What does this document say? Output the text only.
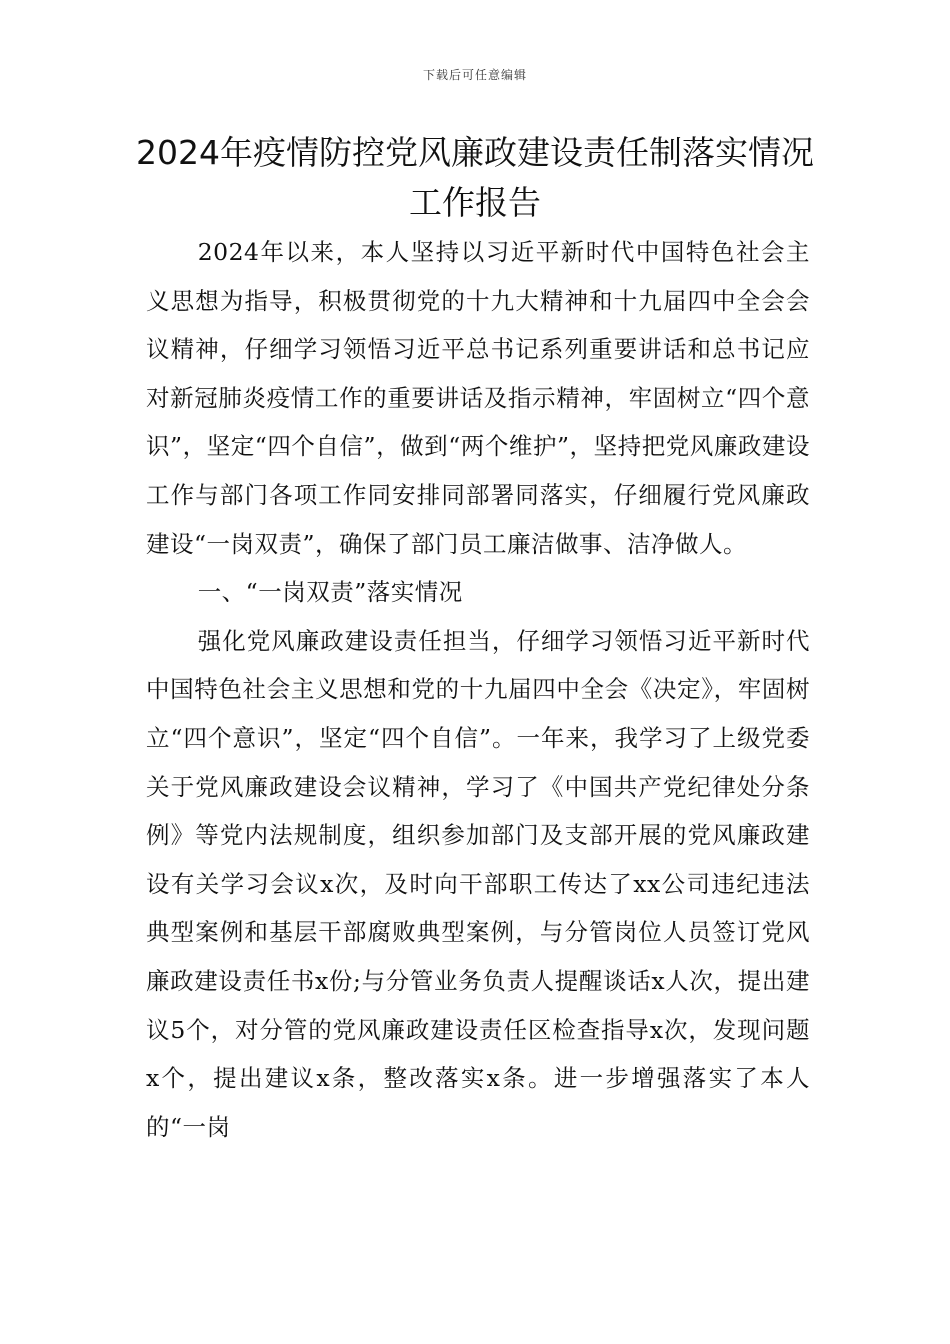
下载后可任意编辑
2024年疫情防控党风廉政建设责任制落实情况工作报告

2024年以来，本人坚持以习近平新时代中国特色社会主义思想为指导，积极贯彻党的十九大精神和十九届四中全会会议精神，仔细学习领悟习近平总书记系列重要讲话和总书记应对新冠肺炎疫情工作的重要讲话及指示精神，牢固树立“四个意识”，坚定“四个自信”，做到“两个维护”，坚持把党风廉政建设工作与部门各项工作同安排同部署同落实，仔细履行党风廉政建设“一岗双责”，确保了部门员工廉洁做事、洁净做人。

一、“一岗双责”落实情况

强化党风廉政建设责任担当，仔细学习领悟习近平新时代中国特色社会主义思想和党的十九届四中全会《决定》，牢固树立“四个意识”，坚定“四个自信”。一年来，我学习了上级党委关于党风廉政建设会议精神，学习了《中国共产党纪律处分条例》等党内法规制度，组织参加部门及支部开展的党风廉政建设有关学习会议x次，及时向干部职工传达了xx公司违纪违法典型案例和基层干部腐败典型案例，与分管岗位人员签订党风廉政建设责任书x份;与分管业务负责人提醒谈话x人次，提出建议5个，对分管的党风廉政建设责任区检查指导x次，发现问题x个，提出建议x条，整改落实x条。进一步增强落实了本人的“一岗
